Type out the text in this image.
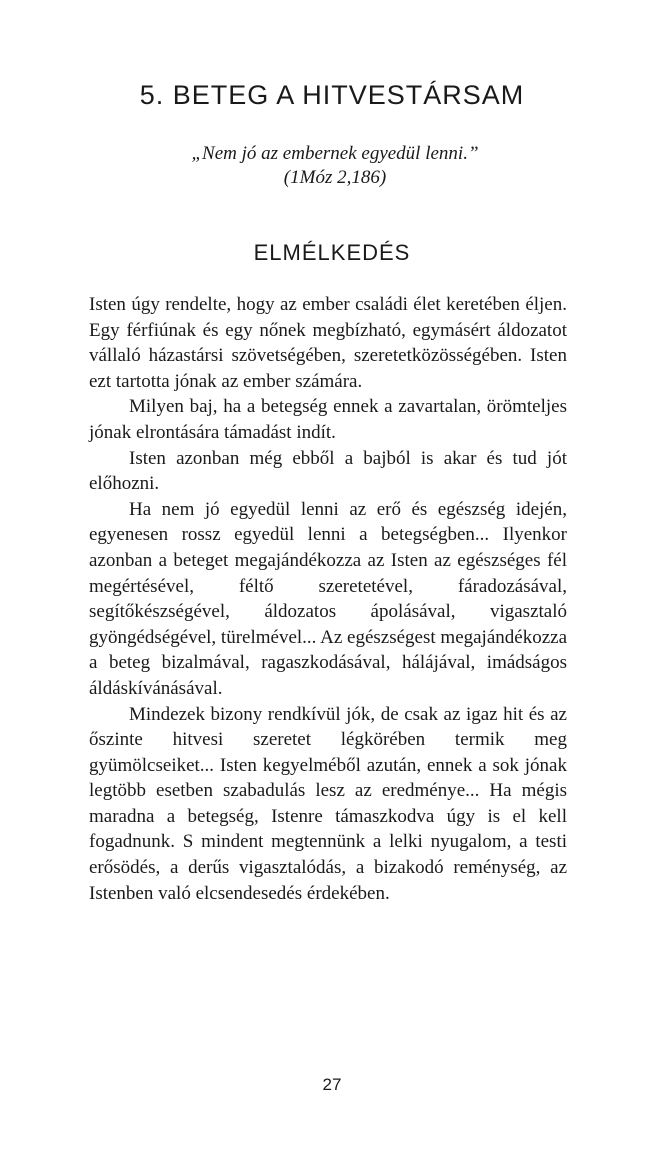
5. BETEG A HITVESTÁRSAM
„Nem jó az embernek egyedül lenni.”
(1Móz 2,186)
ELMÉLKEDÉS

Isten úgy rendelte, hogy az ember családi élet keretében éljen. Egy férfiúnak és egy nőnek megbízható, egymásért áldozatot vállaló házastársi szövetségében, szeretetközösségében. Isten ezt tartotta jónak az ember számára.

Milyen baj, ha a betegség ennek a zavartalan, örömteljes jónak elrontására támadást indít.

Isten azonban még ebből a bajból is akar és tud jót előhozni.

Ha nem jó egyedül lenni az erő és egészség idején, egyenesen rossz egyedül lenni a betegségben... Ilyenkor azonban a beteget megajándékozza az Isten az egészséges fél megértésével, féltő szeretetével, fáradozásával, segítőkészségével, áldozatos ápolásával, vigasztaló gyöngédségével, türelmével... Az egészségest megajándékozza a beteg bizalmával, ragaszkodásával, hálájával, imádságos áldáskívánásával.

Mindezek bizony rendkívül jók, de csak az igaz hit és az őszinte hitvesi szeretet légkörében termik meg gyümölcseiket... Isten kegyelméből azután, ennek a sok jónak legtöbb esetben szabadulás lesz az eredménye... Ha mégis maradna a betegség, Istenre támaszkodva úgy is el kell fogadnunk. S mindent megtennünk a lelki nyugalom, a testi erősödés, a derűs vigasztalódás, a bizakodó reménység, az Istenben való elcsendesedés érdekében.

27
